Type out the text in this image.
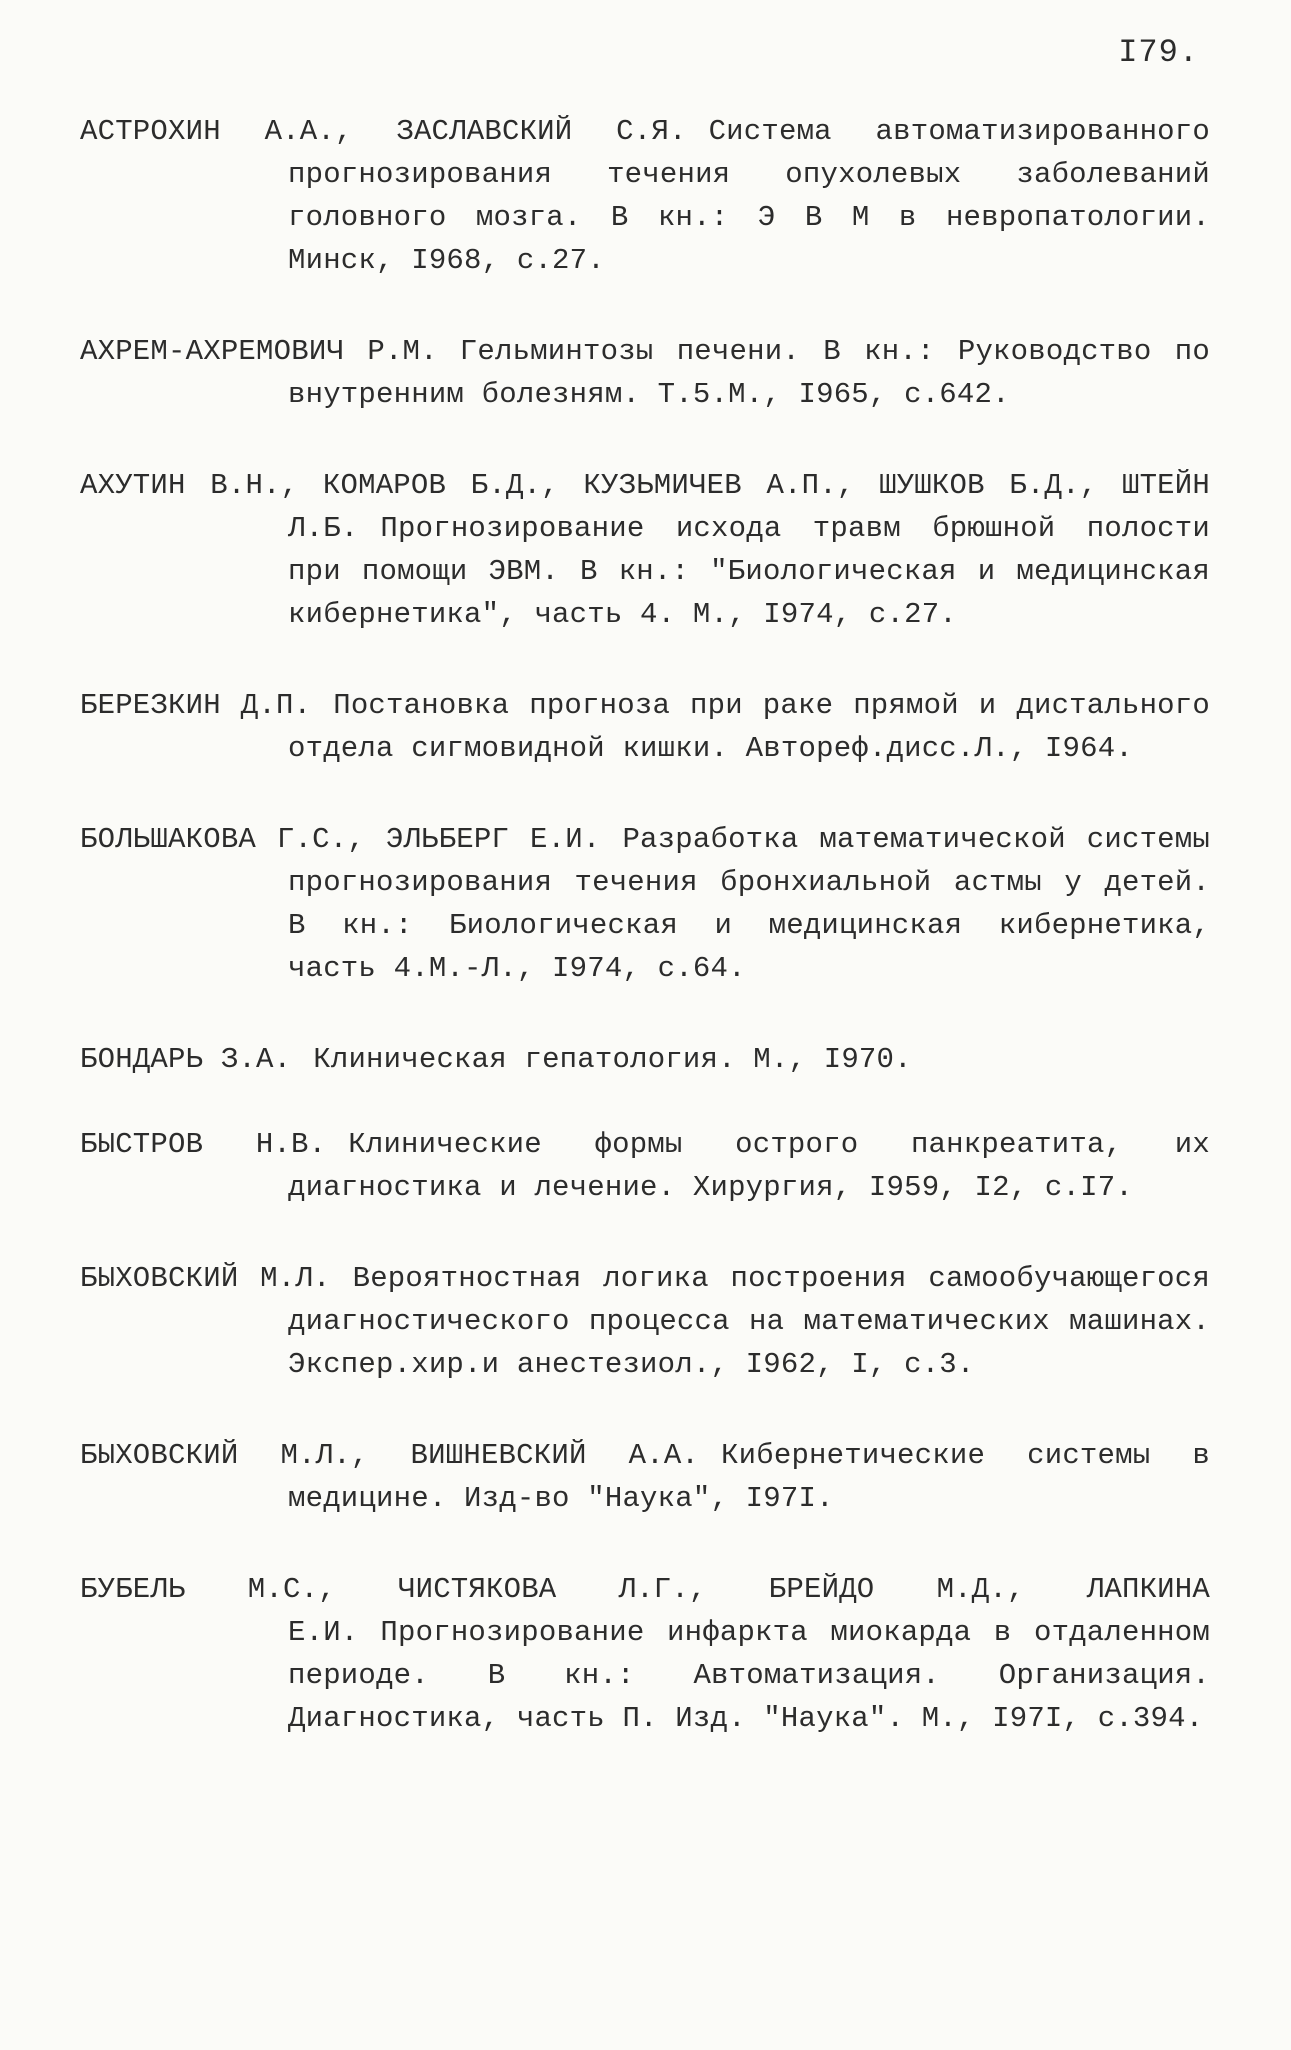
I79.
АСТРОХИН А.А., ЗАСЛАВСКИЙ С.Я. Система автоматизированного прогнозирования течения опухолевых заболеваний головного мозга. В кн.: Э В М в невропатологии. Минск, I968, с.27.
АХРЕМ-АХРЕМОВИЧ Р.М. Гельминтозы печени. В кн.: Руководство по внутренним болезням. Т.5.М., I965, с.642.
АХУТИН В.Н., КОМАРОВ Б.Д., КУЗЬМИЧЕВ А.П., ШУШКОВ Б.Д., ШТЕЙН Л.Б. Прогнозирование исхода травм брюшной полости при помощи ЭВМ. В кн.: "Биологическая и медицинская кибернетика", часть 4. М., I974, с.27.
БЕРЕЗКИН Д.П. Постановка прогноза при раке прямой и дистального отдела сигмовидной кишки. Автореф.дисс.Л., I964.
БОЛЬШАКОВА Г.С., ЭЛЬБЕРГ Е.И. Разработка математической системы прогнозирования течения бронхиальной астмы у детей. В кн.: Биологическая и медицинская кибернетика, часть 4.М.-Л., I974, с.64.
БОНДАРЬ З.А. Клиническая гепатология. М., I970.
БЫСТРОВ Н.В. Клинические формы острого панкреатита, их диагностика и лечение. Хирургия, I959, I2, с.I7.
БЫХОВСКИЙ М.Л. Вероятностная логика построения самообучающегося диагностического процесса на математических машинах. Экспер.хир.и анестезиол., I962, I, с.3.
БЫХОВСКИЙ М.Л., ВИШНЕВСКИЙ А.А. Кибернетические системы в медицине. Изд-во "Наука", I97I.
БУБЕЛЬ М.С., ЧИСТЯКОВА Л.Г., БРЕЙДО М.Д., ЛАПКИНА Е.И. Прогнозирование инфаркта миокарда в отдаленном периоде. В кн.: Автоматизация. Организация. Диагностика, часть П. Изд. "Наука". М., I97I, с.394.
